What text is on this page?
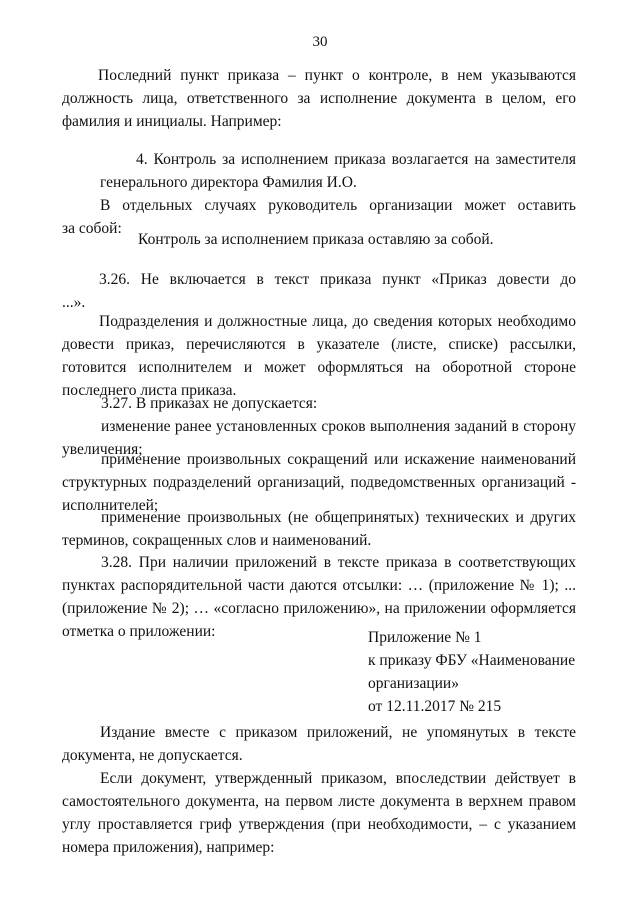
30
Последний пункт приказа – пункт о контроле, в нем указываются
должность лица, ответственного за исполнение документа в целом, его
фамилия и инициалы. Например:
4. Контроль за исполнением приказа возлагается на заместителя
генерального директора Фамилия И.О.
В отдельных случаях руководитель организации может оставить
за собой:
Контроль за исполнением приказа оставляю за собой.
3.26. Не включается в текст приказа пункт «Приказ довести до
...».
Подразделения и должностные лица, до сведения которых необходимо
довести приказ, перечисляются в указателе (листе, списке) рассылки,
готовится исполнителем и может оформляться на оборотной стороне
последнего листа приказа.
3.27. В приказах не допускается:
изменение ранее установленных сроков выполнения заданий в сторону
увеличения;
применение произвольных сокращений или искажение наименований
структурных подразделений организаций, подведомственных организаций -
исполнителей;
применение произвольных (не общепринятых) технических и других
терминов, сокращенных слов и наименований.
3.28. При наличии приложений в тексте приказа в соответствующих
пунктах распорядительной части даются отсылки: … (приложение № 1); ...
(приложение № 2); … «согласно приложению», на приложении оформляется
отметка о приложении:	Приложение № 1
к приказу ФБУ «Наименование
организации»
от 12.11.2017 № 215
Издание вместе с приказом приложений, не упомянутых в тексте
документа, не допускается.
Если документ, утвержденный приказом, впоследствии действует в
самостоятельного документа, на первом листе документа в верхнем правом
углу проставляется гриф утверждения (при необходимости, – с указанием
номера приложения), например:
